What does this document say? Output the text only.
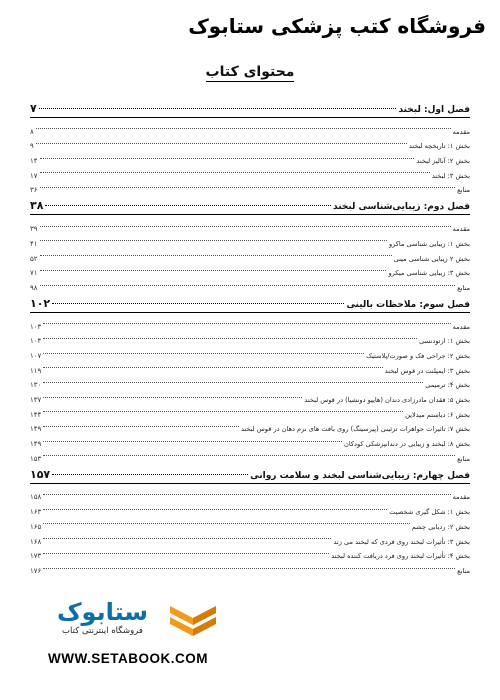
فروشگاه کتب پزشکی ستابوک
محتوای کتاب
فصل اول: لبخند
۷
مقدمه
۸
بخش ۱: تاریخچه لبخند
۹
بخش ۲: آنالیز لبخند
۱۴
بخش ۳: لبخند
۱۷
منابع
۳۶
فصل دوم: زیبایی‌شناسی لبخند
۳۸
مقدمه
۳۹
بخش ۱: زیبایی شناسی ماکرو
۴۱
بخش ۲ زیبایی شناسی مینی
۵۲
بخش ۳: زیبایی شناسی میکرو
۷۱
منابع
۹۸
فصل سوم: ملاحظات بالینی
۱۰۲
مقدمه
۱۰۳
بخش ۱: ارتودنسی
۱۰۴
بخش ۲: جراحی فک و صورت/پلاستیک
۱۰۷
بخش ۳: ایمپلنت در قوس لبخند
۱۱۹
بخش ۴: ترمیمی
۱۳۰
بخش ۵: فقدان مادرزادی دندان (هایپو دونشیا) در قوس لبخند
۱۳۷
بخش ۶: دیاستم میدلاین
۱۴۴
بخش ۷: تاثیرات جواهرات تزئینی (پیرسینگ) روی بافت های نرم دهان در قوس لبخند
۱۴۹
بخش ۸: لبخند و زیبایی در دندانپزشکی کودکان
۱۴۹
منابع
۱۵۳
فصل چهارم: زیبایی‌شناسی لبخند و سلامت روانی
۱۵۷
مقدمه
۱۵۸
بخش ۱: شکل گیری شخصیت
۱۶۳
بخش ۲: ردیابی چشم
۱۶۵
بخش ۳: تأثیرات لبخند روی فردی که لبخند می زند
۱۶۸
بخش ۴: تأثیرات لبخند روی فرد دریافت کننده لبخند
۱۷۳
منابع
۱۷۶
ستابوک
فروشگاه اینترنتی کتاب
WWW.SETABOOK.COM
